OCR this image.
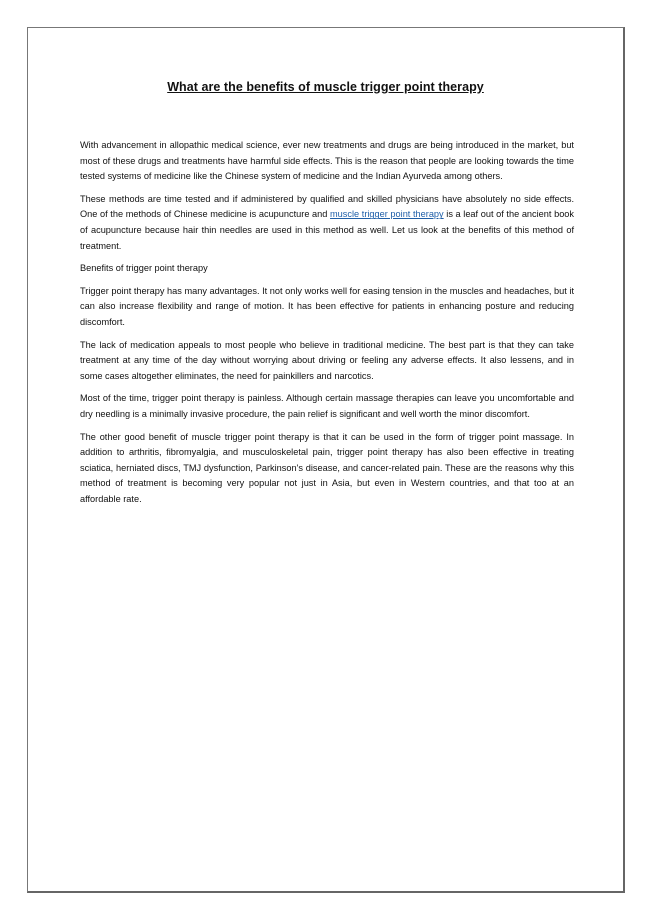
What are the benefits of muscle trigger point therapy

With advancement in allopathic medical science, ever new treatments and drugs are being introduced in the market, but most of these drugs and treatments have harmful side effects. This is the reason that people are looking towards the time tested systems of medicine like the Chinese system of medicine and the Indian Ayurveda among others.

These methods are time tested and if administered by qualified and skilled physicians have absolutely no side effects. One of the methods of Chinese medicine is acupuncture and muscle trigger point therapy is a leaf out of the ancient book of acupuncture because hair thin needles are used in this method as well. Let us look at the benefits of this method of treatment.

Benefits of trigger point therapy

Trigger point therapy has many advantages. It not only works well for easing tension in the muscles and headaches, but it can also increase flexibility and range of motion. It has been effective for patients in enhancing posture and reducing discomfort.

The lack of medication appeals to most people who believe in traditional medicine. The best part is that they can take treatment at any time of the day without worrying about driving or feeling any adverse effects. It also lessens, and in some cases altogether eliminates, the need for painkillers and narcotics.

Most of the time, trigger point therapy is painless. Although certain massage therapies can leave you uncomfortable and dry needling is a minimally invasive procedure, the pain relief is significant and well worth the minor discomfort.

The other good benefit of muscle trigger point therapy is that it can be used in the form of trigger point massage. In addition to arthritis, fibromyalgia, and musculoskeletal pain, trigger point therapy has also been effective in treating sciatica, herniated discs, TMJ dysfunction, Parkinson's disease, and cancer-related pain. These are the reasons why this method of treatment is becoming very popular not just in Asia, but even in Western countries, and that too at an affordable rate.
